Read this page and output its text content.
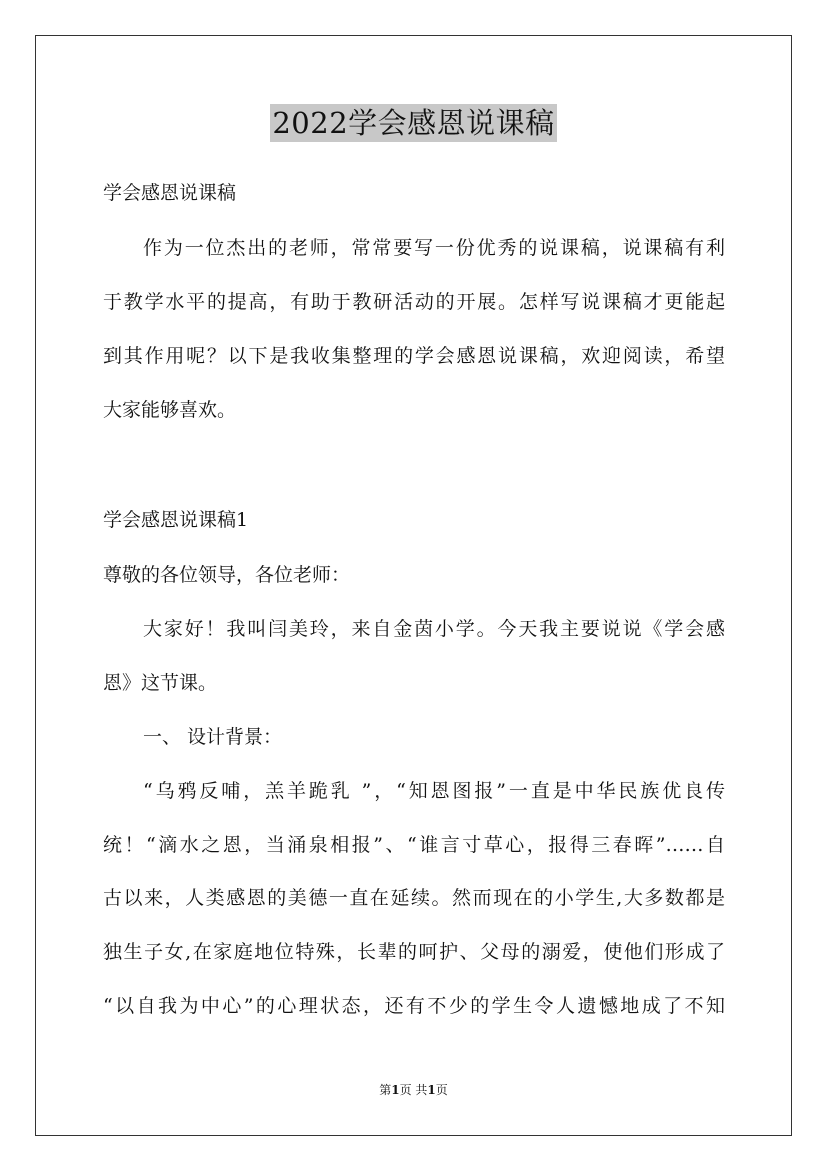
2022学会感恩说课稿
学会感恩说课稿
作为一位杰出的老师，常常要写一份优秀的说课稿，说课稿有利
于教学水平的提高，有助于教研活动的开展。怎样写说课稿才更能起
到其作用呢？以下是我收集整理的学会感恩说课稿，欢迎阅读，希望
大家能够喜欢。
学会感恩说课稿1
尊敬的各位领导，各位老师：
大家好！我叫闫美玲，来自金茵小学。今天我主要说说《学会感
恩》这节课。
一、 设计背景：
“乌鸦反哺，羔羊跪乳 ”，“知恩图报”一直是中华民族优良传
统！“滴水之恩，当涌泉相报”、“谁言寸草心，报得三春晖”……自
古以来，人类感恩的美德一直在延续。然而现在的小学生,大多数都是
独生子女,在家庭地位特殊，长辈的呵护、父母的溺爱，使他们形成了
“以自我为中心”的心理状态，还有不少的学生令人遗憾地成了不知
第1页 共1页
